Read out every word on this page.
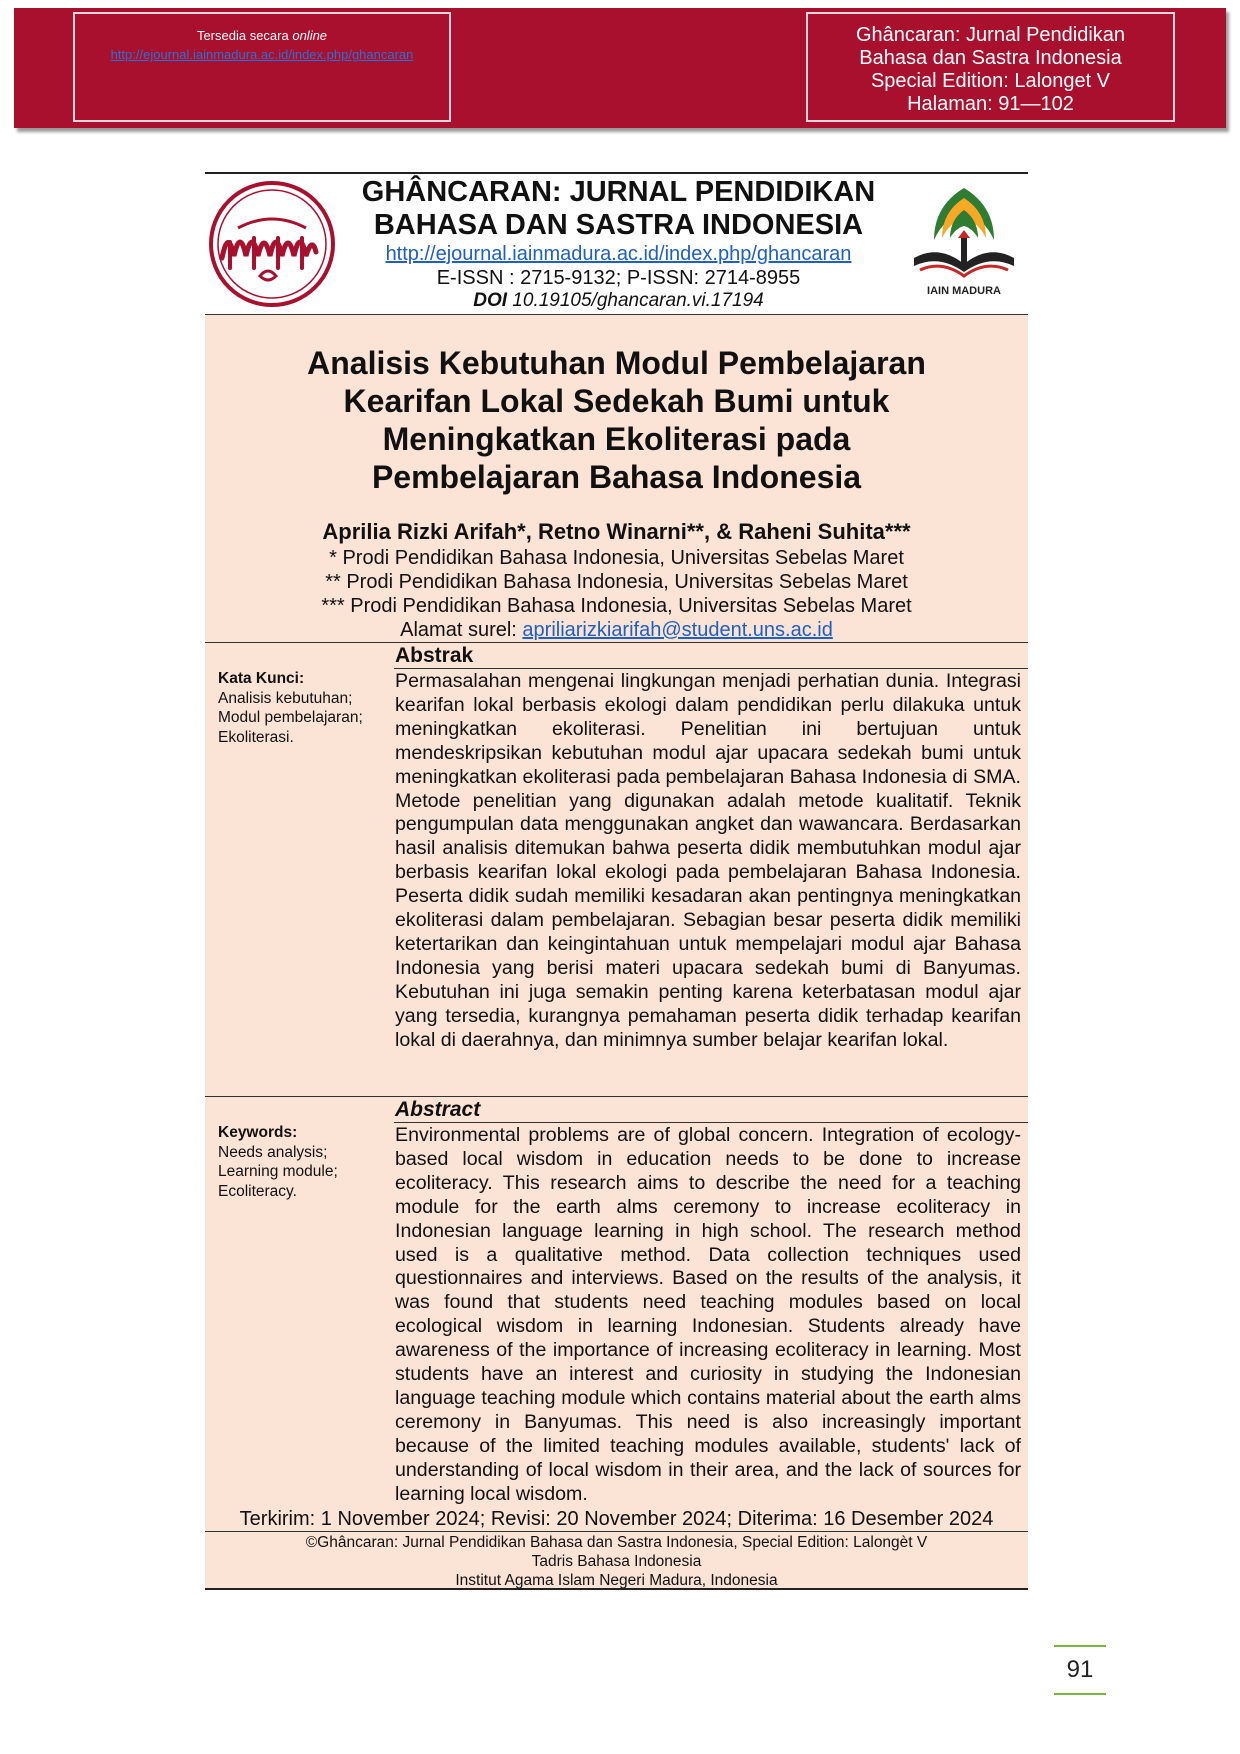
Tersedia secara online
http://ejournal.iainmadura.ac.id/index.php/ghancaran
Ghâncaran: Jurnal Pendidikan
Bahasa dan Sastra Indonesia
Special Edition: Lalonget V
Halaman: 91—102
GHÂNCARAN: JURNAL PENDIDIKAN
BAHASA DAN SASTRA INDONESIA
http://ejournal.iainmadura.ac.id/index.php/ghancaran
E-ISSN : 2715-9132; P-ISSN: 2714-8955
DOI 10.19105/ghancaran.vi.17194	IAIN MADURA
Analisis Kebutuhan Modul Pembelajaran
Kearifan Lokal Sedekah Bumi untuk
Meningkatkan Ekoliterasi pada
Pembelajaran Bahasa Indonesia
Aprilia Rizki Arifah*, Retno Winarni**, & Raheni Suhita***
* Prodi Pendidikan Bahasa Indonesia, Universitas Sebelas Maret
** Prodi Pendidikan Bahasa Indonesia, Universitas Sebelas Maret
*** Prodi Pendidikan Bahasa Indonesia, Universitas Sebelas Maret
Alamat surel: apriliarizkiarifah@student.uns.ac.id
Abstrak
Kata Kunci:
Analisis kebutuhan; Modul pembelajaran; Ekoliterasi.
Permasalahan mengenai lingkungan menjadi perhatian dunia. Integrasi kearifan lokal berbasis ekologi dalam pendidikan perlu dilakuka untuk meningkatkan ekoliterasi. Penelitian ini bertujuan untuk mendeskripsikan kebutuhan modul ajar upacara sedekah bumi untuk meningkatkan ekoliterasi pada pembelajaran Bahasa Indonesia di SMA. Metode penelitian yang digunakan adalah metode kualitatif. Teknik pengumpulan data menggunakan angket dan wawancara. Berdasarkan hasil analisis ditemukan bahwa peserta didik membutuhkan modul ajar berbasis kearifan lokal ekologi pada pembelajaran Bahasa Indonesia. Peserta didik sudah memiliki kesadaran akan pentingnya meningkatkan ekoliterasi dalam pembelajaran. Sebagian besar peserta didik memiliki ketertarikan dan keingintahuan untuk mempelajari modul ajar Bahasa Indonesia yang berisi materi upacara sedekah bumi di Banyumas. Kebutuhan ini juga semakin penting karena keterbatasan modul ajar yang tersedia, kurangnya pemahaman peserta didik terhadap kearifan lokal di daerahnya, dan minimnya sumber belajar kearifan lokal.
Abstract
Keywords:
Needs analysis; Learning module; Ecoliteracy.
Environmental problems are of global concern. Integration of ecology-based local wisdom in education needs to be done to increase ecoliteracy. This research aims to describe the need for a teaching module for the earth alms ceremony to increase ecoliteracy in Indonesian language learning in high school. The research method used is a qualitative method. Data collection techniques used questionnaires and interviews. Based on the results of the analysis, it was found that students need teaching modules based on local ecological wisdom in learning Indonesian. Students already have awareness of the importance of increasing ecoliteracy in learning. Most students have an interest and curiosity in studying the Indonesian language teaching module which contains material about the earth alms ceremony in Banyumas. This need is also increasingly important because of the limited teaching modules available, students' lack of understanding of local wisdom in their area, and the lack of sources for learning local wisdom.
Terkirim: 1 November 2024; Revisi: 20 November 2024; Diterima: 16 Desember 2024
©Ghâncaran: Jurnal Pendidikan Bahasa dan Sastra Indonesia, Special Edition: Lalongèt V
Tadris Bahasa Indonesia
Institut Agama Islam Negeri Madura, Indonesia
91
